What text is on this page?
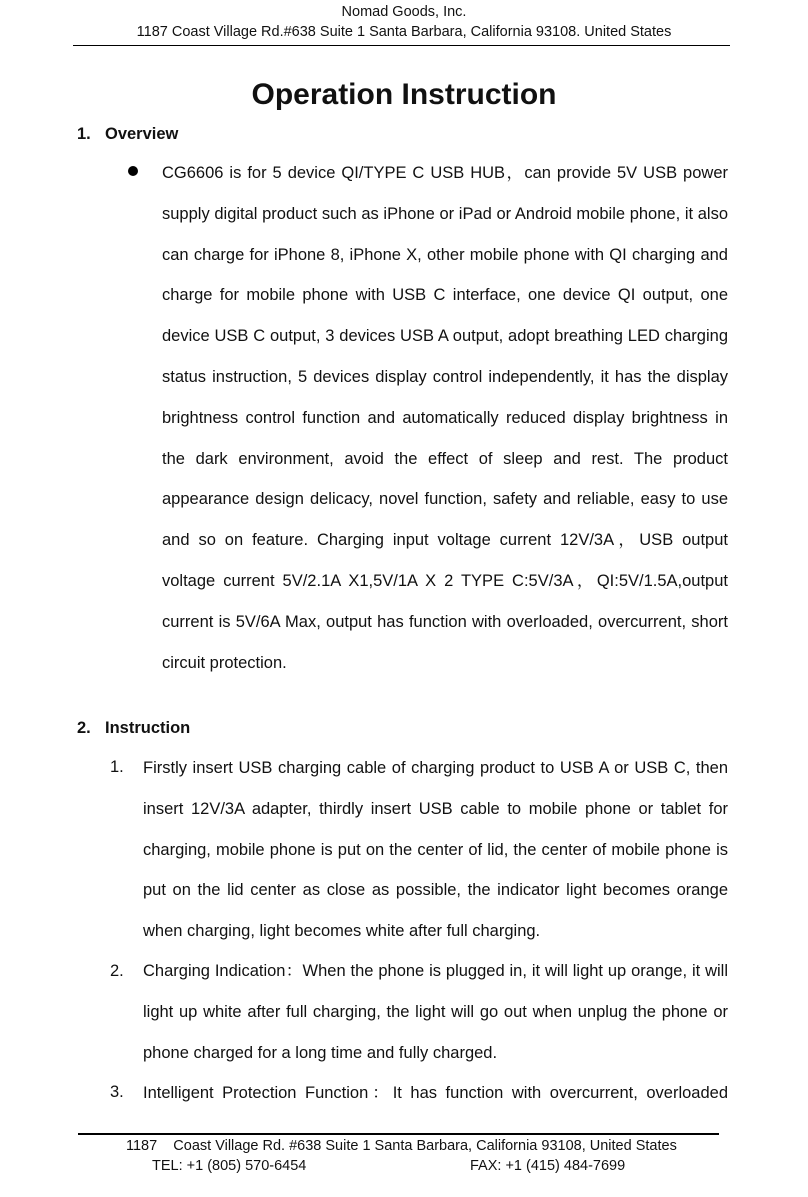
Nomad Goods, Inc.
1187 Coast Village Rd.#638 Suite 1 Santa Barbara, California 93108. United States
Operation Instruction
1. Overview

CG6606 is for 5 device QI/TYPE C USB HUB，can provide 5V USB power supply digital product such as iPhone or iPad or Android mobile phone, it also can charge for iPhone 8, iPhone X, other mobile phone with QI charging and charge for mobile phone with USB C interface, one device QI output, one device USB C output, 3 devices USB A output, adopt breathing LED charging status instruction, 5 devices display control independently, it has the display brightness control function and automatically reduced display brightness in the dark environment, avoid the effect of sleep and rest. The product appearance design delicacy, novel function, safety and reliable, easy to use and so on feature. Charging input voltage current 12V/3A，USB output voltage current 5V/2.1A X1,5V/1A X 2 TYPE C:5V/3A，QI:5V/1.5A,output current is 5V/6A Max, output has function with overloaded, overcurrent, short circuit protection.

2. Instruction
1. Firstly insert USB charging cable of charging product to USB A or USB C, then insert 12V/3A adapter, thirdly insert USB cable to mobile phone or tablet for charging, mobile phone is put on the center of lid, the center of mobile phone is put on the lid center as close as possible, the indicator light becomes orange when charging, light becomes white after full charging.

2. Charging Indication：When the phone is plugged in, it will light up orange, it will light up white after full charging, the light will go out when unplug the phone or phone charged for a long time and fully charged.

3. Intelligent Protection Function：It has function with overcurrent, overloaded

1187    Coast Village Rd. #638 Suite 1 Santa Barbara, California 93108, United States
TEL: +1 (805) 570-6454	FAX: +1 (415) 484-7699
